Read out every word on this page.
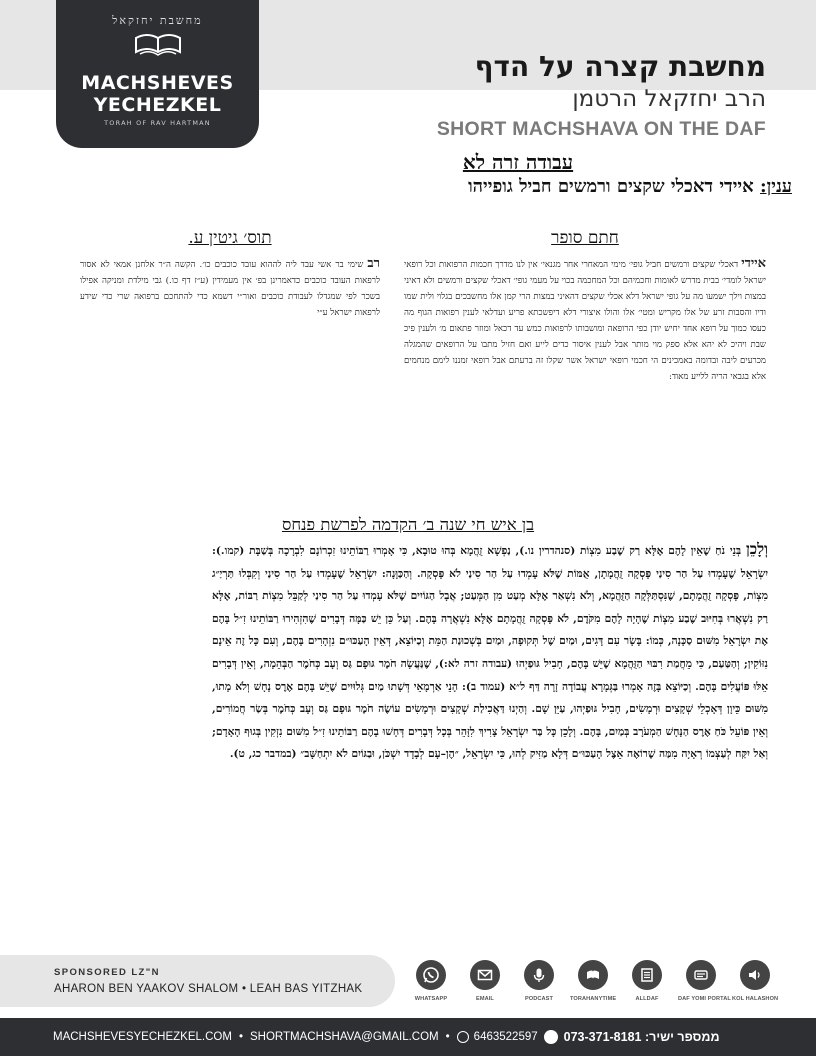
מחשבת יחזקאל
MACHSHEVES
YECHEZKEL
TORAH OF RAV HARTMAN
מחשבת קצרה על הדף
הרב יחזקאל הרטמן
SHORT MACHSHAVA ON THE DAF
עבודה זרה לא
ענין: איידי דאכלי שקצים ורמשים חביל גופייהו
חתם סופר
איידי דאכלי שקצים ורמשים חביל גופי׳ מימי המאחרי אחר מגנאי׳ אין לנו מדרך חכמות הרפואות וכל רופאי ישראל לומדי׳ בבית מדרש לאומות וחכמיהם וכל המחכמה בכוי על מעמי גופי׳ דאכלי שקצים ורמשים ולא דאיני במצות וילך ישמעו מה על גופי ישראל דלא אכלי שקצים דהאיני במצות הרי קמן אלו מחשבכים בגלוי ולית שמו ודיו והסבות זרע של אלו מקריש ומטי׳ אלו והולו איצורי דלא דיפשכתא פריע ועדלאי לענין רפואות הגוף מה כעסו כמוך על רופא אחד יחיש יודן כפי הרופאה ומושבותו לרפואות כמש עד דכאל ומוזר פתאום מ׳ ולענין פיכ שבת ויהיכ לא יהא אלא ספק מוי מותר אבל לענין איסור כדים לייע ואם חזיל מתבו על הרופאים שהמגלה מכרעים ליבה ובדומה באמכינים הי חכמי רופאי ישראל אשר שקלו זה ברעתם אבל רופאי זמננו לימם מנחמים אלא בגבאי הריה ללייע מאוד:
תוס׳ גיטין ע.
רב שימי בר אשי עבד ליה לההוא עובד כוכבים כו׳. הקשה ה״ר אלחנן אמאי לא אסור לרפאות העובד כוכבים כדאמרינן בפ׳ אין מעמידין (ע״ז דף כו.) גבי מילדת ומניקה אפילו בשכר לפי שמגדלו לעבודת כוכבים ואור״י דשמא כדי להתחכם ברפואה שרי כדי שידע לרפאות ישראל ע״י
בן איש חי שנה ב׳ הקדמה לפרשת פנחס
וְלָכֵן בְּנֵי נֹחַ שֶׁאֵין לָהֶם אֶלָּא רַק שֶׁבַע מִצְוֹת (סנהדרין נו.), נַפְשָׁא זֻהֲמָא בְּהוּ טוּבָא, כִּי אָמְרוּ רַבּוֹתֵינוּ זִכְרוֹנָם לִבְרָכָה בְּשַׁבָּת (קמו.): יִשְׂרָאֵל שֶׁעָמְדוּ עַל הַר סִינַי פָּסְקָה זֻהֲמָתָן, אֻמּוֹת שֶׁלֹּא עָמְדוּ עַל הַר סִינַי לֹא פָּסְקָה. וְהַכַּוָּנָה: יִשְׂרָאֵל שֶׁעָמְדוּ עַל הַר סִינַי וְקִבְּלוּ תַּרְיַ״ג מִצְוֹת, פָּסְקָה זֻהֲמָתָם, שֶׁנִּסְתַּלְּקָה הַזֻּהֲמָא, וְלֹא נִשְׁאַר אֶלָּא מְעַט מִן הַמְּעַט; אֲבָל הַגּוֹיִים שֶׁלֹּא עָמְדוּ עַל הַר סִינַי לְקַבֵּל מִצְוֹת רַבּוֹת, אֶלָּא רַק נִשְׁאֲרוּ בְּחִיּוּב שֶׁבַע מִצְוֹת שֶׁהָיָה לָהֶם מִקֹּדֶם, לֹא פָּסְקָה זֻהֲמָתָם אֶלָּא נִשְׁאֲרָה בָּהֶם. וְעַל כֵּן יֵשׁ כַּמָּה דְּבָרִים שֶׁהִזְהִירוּ רַבּוֹתֵינוּ זִ״ל בָּהֶם אֶת יִשְׂרָאֵל מִשּׁוּם סַכָּנָה, כְּמוֹ: בָּשָׂר עִם דָּגִים, וּמַיִם שֶׁל תְּקוּפָה, וּמַיִם בְּשְׁכוּנַת הַמֵּת וְכַיּוֹצֵא, דְּאֵין הָעַכּוּ״ם נִזְהָרִים בָּהֶם, וְעִם כָּל זֶה אֵינָם נִזּוֹקִין; וְהַטַּעַם, כִּי מֵחֲמַת רִבּוּי הַזֻּהֲמָא שֶׁיֵּשׁ בָּהֶם, חָבִיל גּוּפַיְהוּ (עבודה זרה לא:), שֶׁנַּעֲשָׂה חֹמֶר גּוּפָם גַּס וְעָב כְּחֹמֶר הַבְּהֵמָה, וְאֵין דְּבָרִים אֵלּוּ פּוֹעֲלִים בָּהֶם. וְכַיּוֹצֵא בָּזֶה אָמְרוּ בַּגְּמָרָא עֲבוֹדָה זָרָה דַּף ל״א (עמוד ב): הָנֵי אַרְמָאֵי דְּשָׁתוּ מַיִם גְּלוּיִים שֶׁיֵּשׁ בָּהֶם אֶרֶס נָחָשׁ וְלֹא מָתוּ, מִשּׁוּם כֵּיוָן דְּאָכְלֵי שְׁקָצִים וּרְמָשִׂים, חָבִיל גּוּפַיְהוּ, עַיֵּן שָׁם. וְהַיְנוּ דַּאֲכִילַת שְׁקָצִים וּרְמָשִׂים עוֹשֶׂה חֹמֶר גּוּפָם גַּס וְעָב כְּחֹמֶר בְּשַׂר חֲמוֹרִים, וְאֵין פּוֹעֵל כֹּחַ אֶרֶס הַנָּחָשׁ הַמְעֹרָב בְּמַיִם, בָּהֶם. וְלָכֵן כָּל בַּר יִשְׂרָאֵל צָרִיךְ לִזָּהֵר בְּכָל דְּבָרִים דְּחָשׁוּ בָהֶם רַבּוֹתֵינוּ זִ״ל מִשּׁוּם נִזְקִין בְּגוּף הָאָדָם; וְאַל יִקַּח לְעַצְמוֹ רְאָיָה מִמַּה שֶׁרוֹאֶה אֵצֶל הָעַכּוּ״ם דְּלָא מַזִּיק לְהוּ, כִּי יִשְׂרָאֵל, ״הֶן–עָם לְבָדָד יִשְׁכֹּן, וּבַגּוֹיִם לֹא יִתְחַשָּׁב״ (במדבר כג, ט).
SPONSORED LZ"N
AHARON BEN YAAKOV SHALOM • LEAH BAS YITZHAK
WHATSAPP	EMAIL	PODCAST	TORAHANYTIME	ALLDAF	DAF YOMI PORTAL KOL HALASHON
MACHSHEVESYECHEZKEL.COM • SHORTMACHSHAVA@GMAIL.COM • 6463522597	ממספר ישיר: 073-371-8181
